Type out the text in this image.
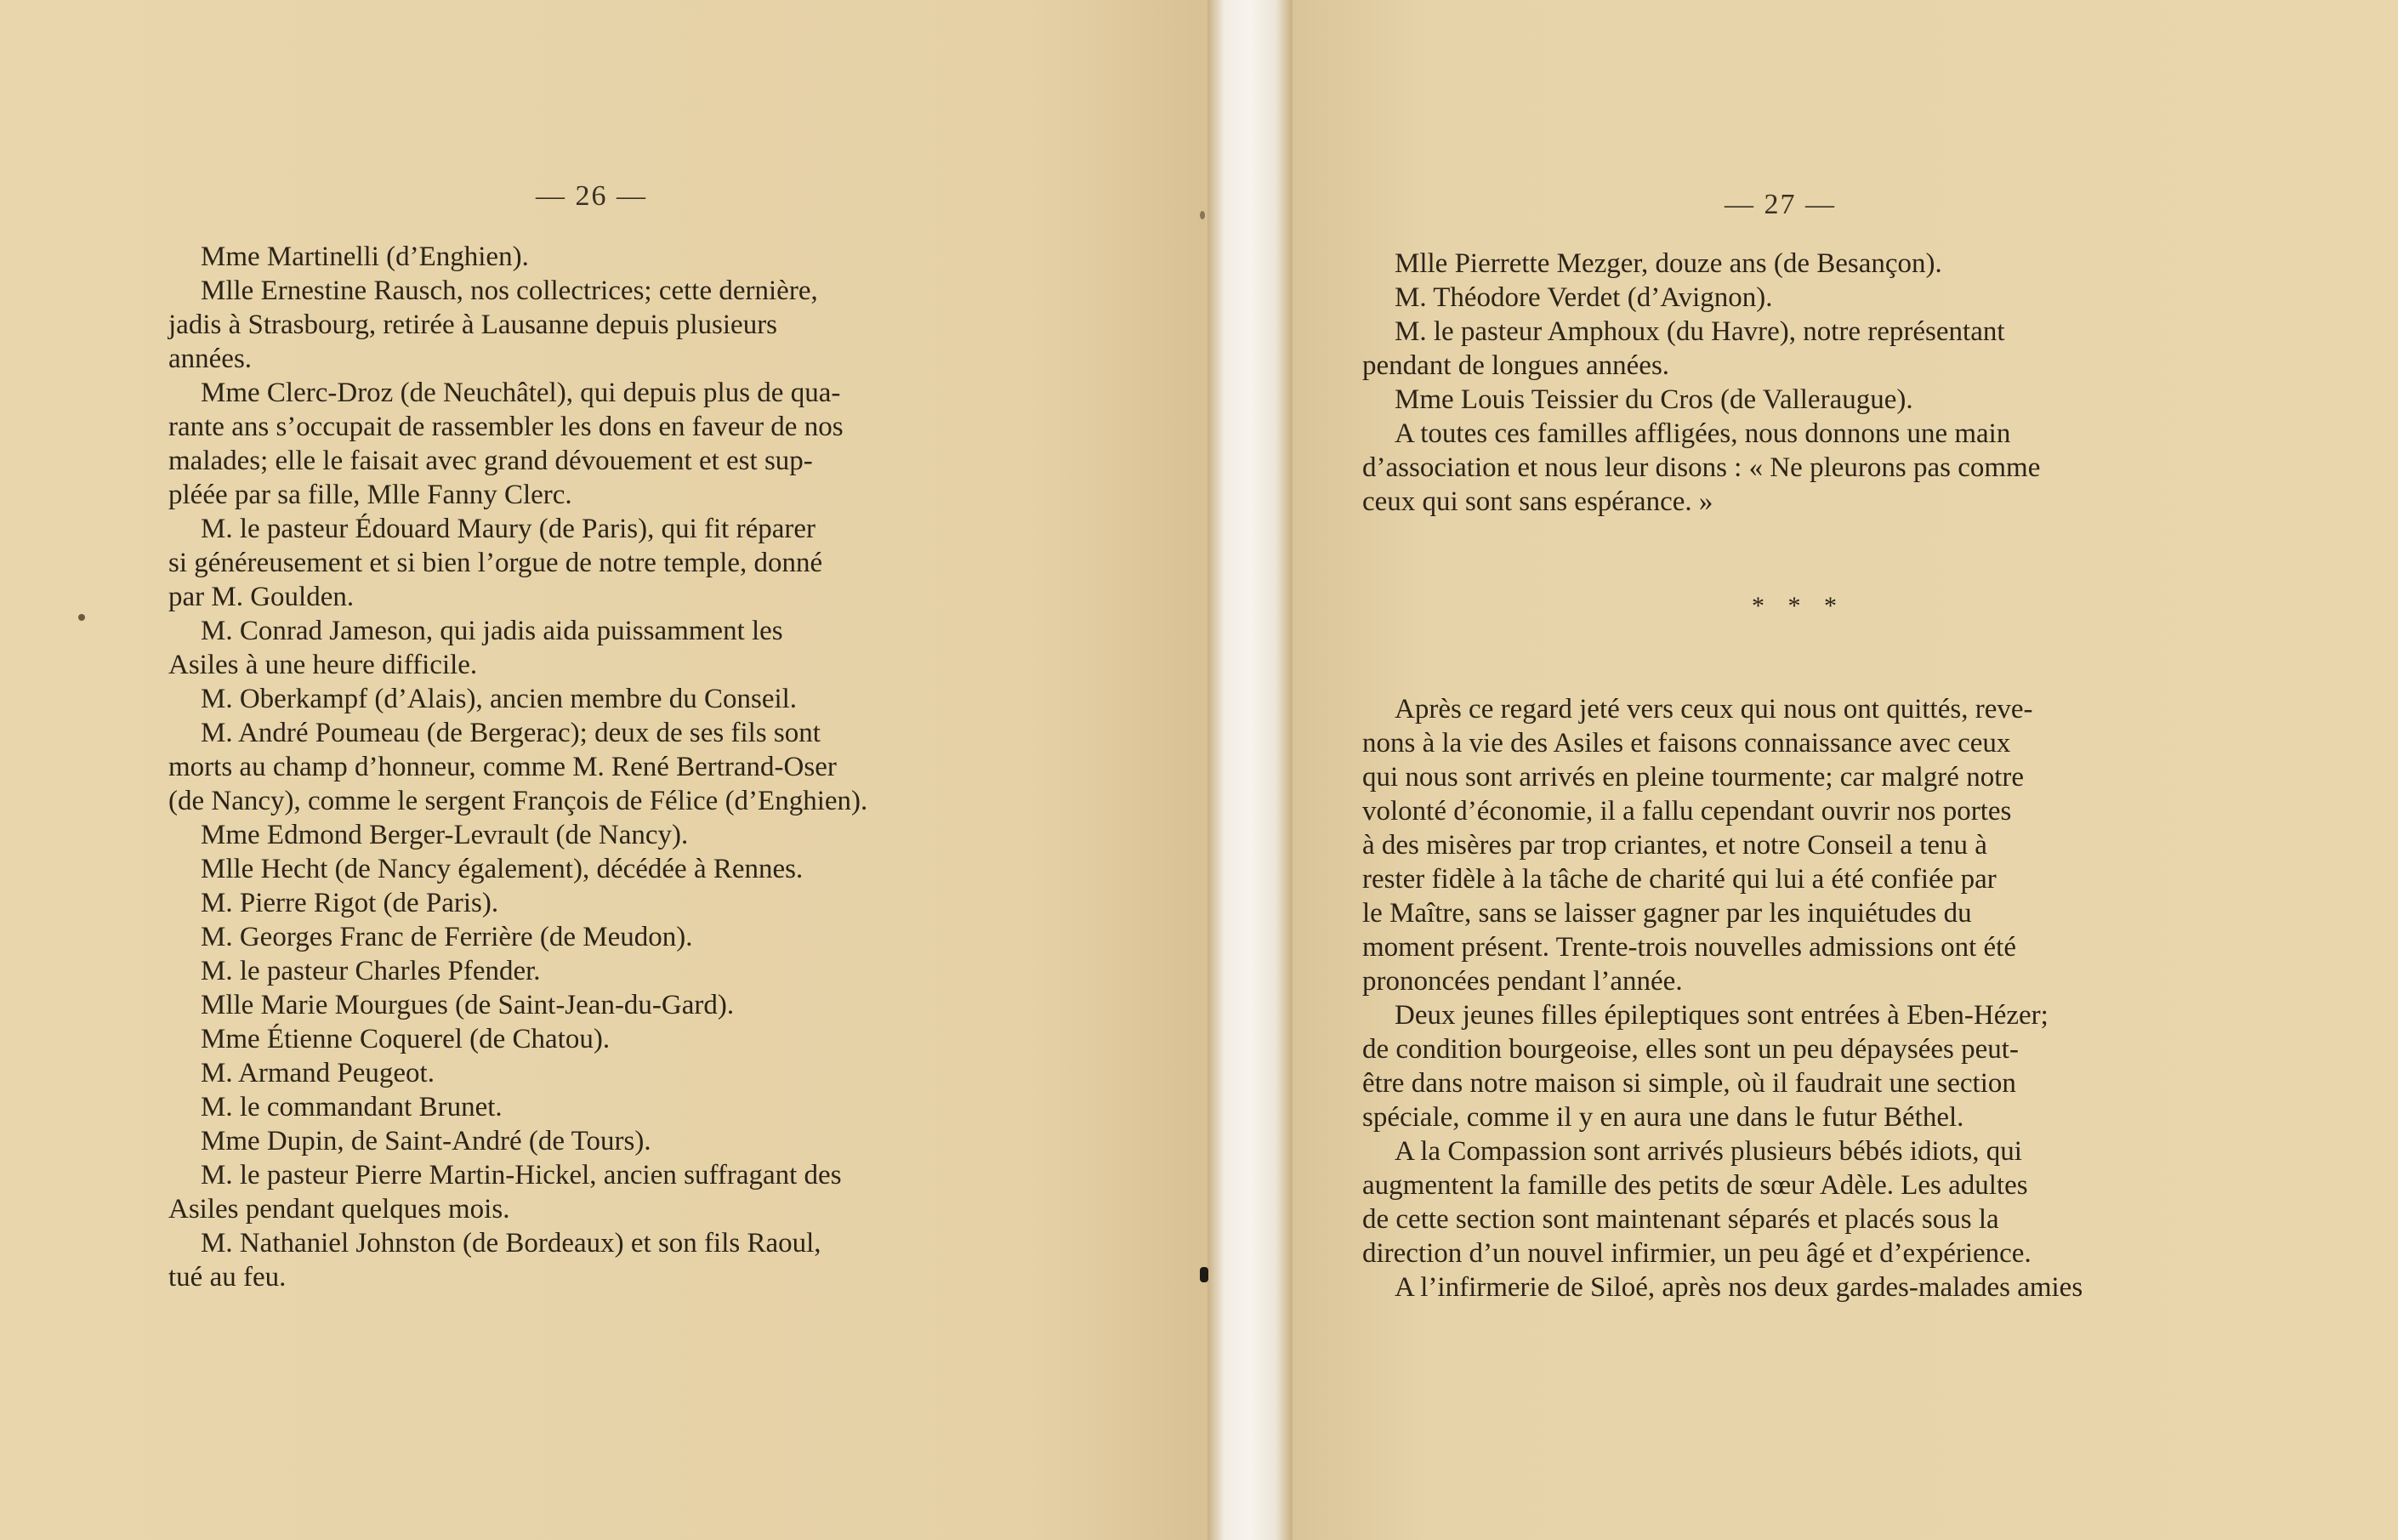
— 26 —	— 27 —
Mme Martinelli (d’Enghien).
Mlle Ernestine Rausch, nos collectrices; cette dernière,
jadis à Strasbourg, retirée à Lausanne depuis plusieurs
années.
Mme Clerc-Droz (de Neuchâtel), qui depuis plus de qua-
rante ans s’occupait de rassembler les dons en faveur de nos
malades; elle le faisait avec grand dévouement et est sup-
pléée par sa fille, Mlle Fanny Clerc.
M. le pasteur Édouard Maury (de Paris), qui fit réparer
si généreusement et si bien l’orgue de notre temple, donné
par M. Goulden.
M. Conrad Jameson, qui jadis aida puissamment les
Asiles à une heure difficile.
M. Oberkampf (d’Alais), ancien membre du Conseil.
M. André Poumeau (de Bergerac); deux de ses fils sont
morts au champ d’honneur, comme M. René Bertrand-Oser
(de Nancy), comme le sergent François de Félice (d’Enghien).
Mme Edmond Berger-Levrault (de Nancy).
Mlle Hecht (de Nancy également), décédée à Rennes.
M. Pierre Rigot (de Paris).
M. Georges Franc de Ferrière (de Meudon).
M. le pasteur Charles Pfender.
Mlle Marie Mourgues (de Saint-Jean-du-Gard).
Mme Étienne Coquerel (de Chatou).
M. Armand Peugeot.
M. le commandant Brunet.
Mme Dupin, de Saint-André (de Tours).
M. le pasteur Pierre Martin-Hickel, ancien suffragant des
Asiles pendant quelques mois.
M. Nathaniel Johnston (de Bordeaux) et son fils Raoul,
tué au feu.
Mlle Pierrette Mezger, douze ans (de Besançon).
M. Théodore Verdet (d’Avignon).
M. le pasteur Amphoux (du Havre), notre représentant
pendant de longues années.
Mme Louis Teissier du Cros (de Valleraugue).
A toutes ces familles affligées, nous donnons une main
d’association et nous leur disons : « Ne pleurons pas comme
ceux qui sont sans espérance. »
* * *
Après ce regard jeté vers ceux qui nous ont quittés, reve-
nons à la vie des Asiles et faisons connaissance avec ceux
qui nous sont arrivés en pleine tourmente; car malgré notre
volonté d’économie, il a fallu cependant ouvrir nos portes
à des misères par trop criantes, et notre Conseil a tenu à
rester fidèle à la tâche de charité qui lui a été confiée par
le Maître, sans se laisser gagner par les inquiétudes du
moment présent. Trente-trois nouvelles admissions ont été
prononcées pendant l’année.
Deux jeunes filles épileptiques sont entrées à Eben-Hézer;
de condition bourgeoise, elles sont un peu dépaysées peut-
être dans notre maison si simple, où il faudrait une section
spéciale, comme il y en aura une dans le futur Béthel.
A la Compassion sont arrivés plusieurs bébés idiots, qui
augmentent la famille des petits de sœur Adèle. Les adultes
de cette section sont maintenant séparés et placés sous la
direction d’un nouvel infirmier, un peu âgé et d’expérience.
A l’infirmerie de Siloé, après nos deux gardes-malades amies
